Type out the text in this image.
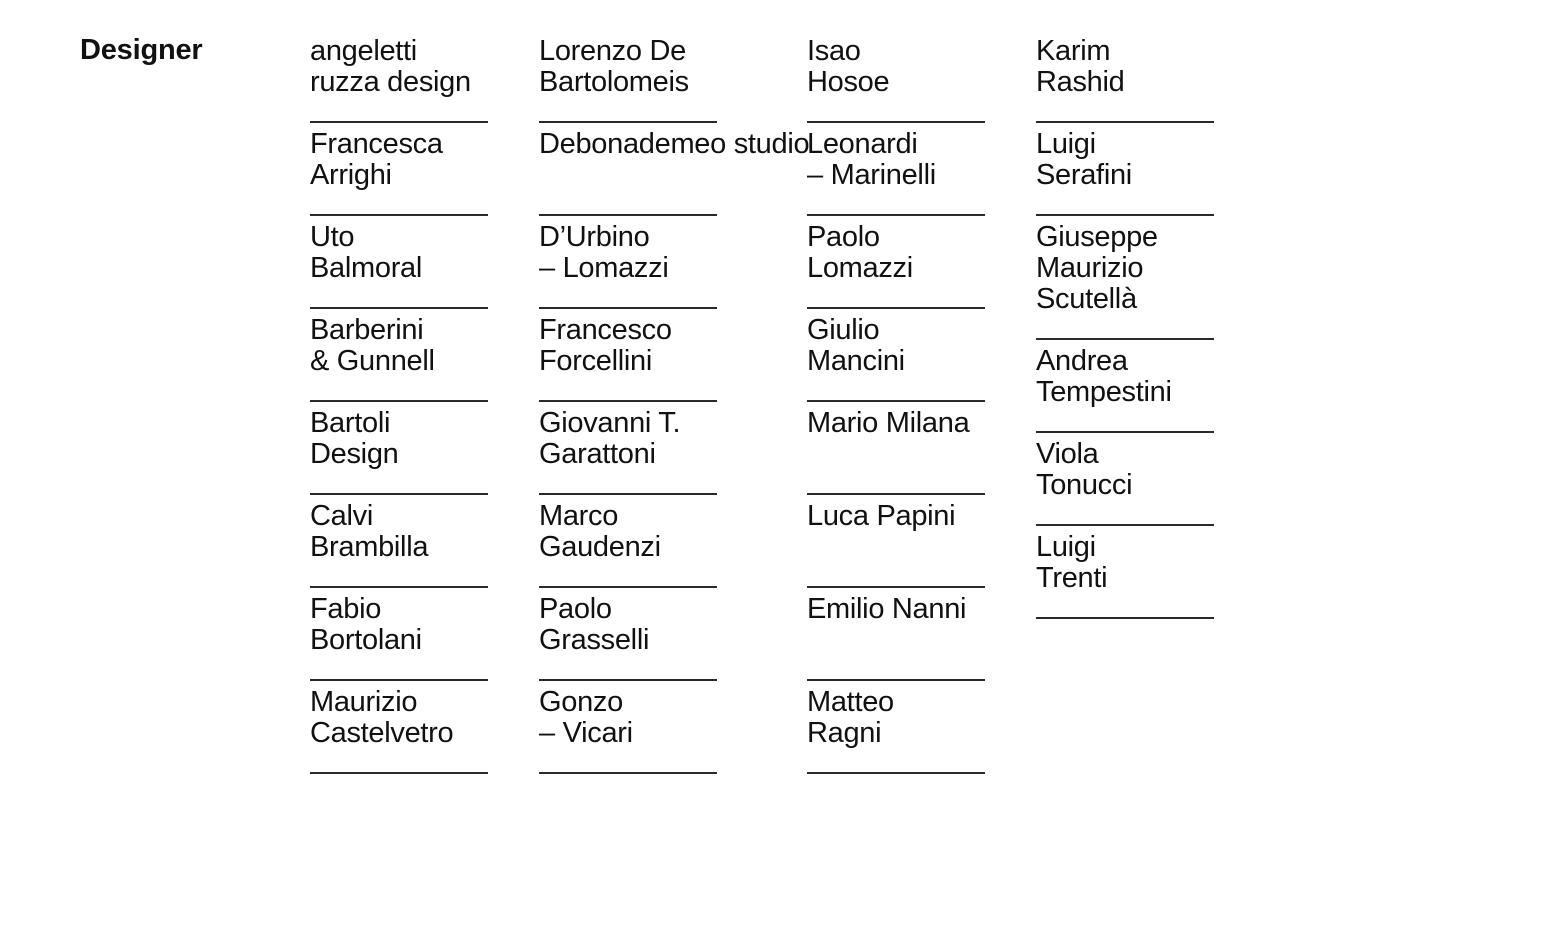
Designer	angeletti
ruzza design
Francesca
Arrighi
Uto
Balmoral
Barberini
& Gunnell
Bartoli
Design
Calvi
Brambilla
Fabio
Bortolani
Maurizio
Castelvetro
Lorenzo De
Bartolomeis
Debonademeo studio
D’Urbino
– Lomazzi
Francesco
Forcellini
Giovanni T.
Garattoni
Marco
Gaudenzi
Paolo
Grasselli
Gonzo
– Vicari
Isao
Hosoe
Leonardi
– Marinelli
Paolo
Lomazzi
Giulio
Mancini
Mario Milana
Luca Papini
Emilio Nanni
Matteo
Ragni
Karim
Rashid
Luigi
Serafini
Giuseppe
Maurizio
Scutellà
Andrea
Tempestini
Viola
Tonucci
Luigi
Trenti
